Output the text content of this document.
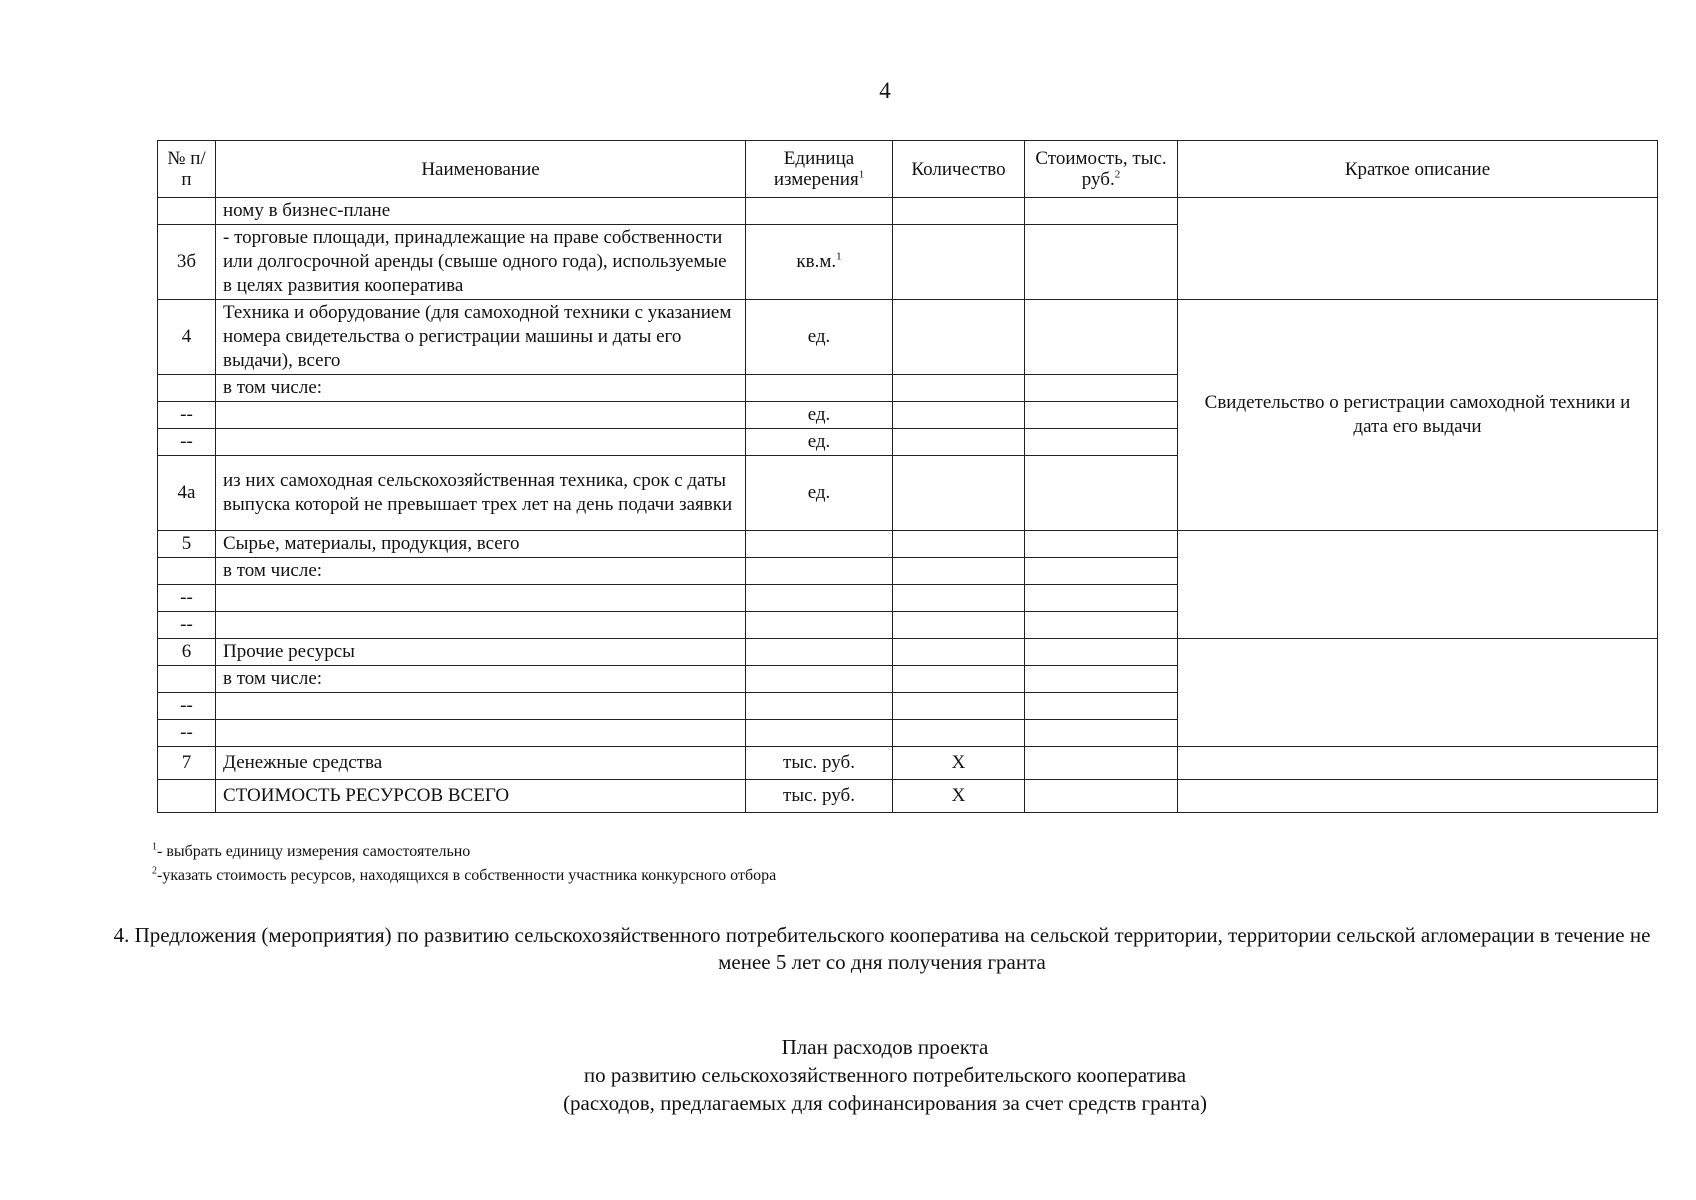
4
№ п/п	Наименование	Единица измерения$^1$	Количество	Стоимость, тыс. руб.$^2$	Краткое описание
	ному в бизнес-плане				
3б	- торговые площади, принадлежащие на праве собственности или долгосрочной аренды (свыше одного года), используемые в целях развития кооператива	кв.м.$^1$		
4	Техника и оборудование (для самоходной техники с указанием номера свидетельства о регистрации машины и даты его выдачи), всего	ед.			Свидетельство о регистрации самоходной техники и дата его выдачи
	в том числе:				
--		ед.			
--		ед.			
4а	из них самоходная сельскохозяйственная техника, срок с даты выпуска которой не превышает трех лет на день подачи заявки	ед.			
5	Сырье, материалы, продукция, всего				
	в том числе:				
--					
--					
6	Прочие ресурсы				
	в том числе:				
--					
--					
7	Денежные средства	тыс. руб.	Х		
	СТОИМОСТЬ РЕСУРСОВ ВСЕГО	тыс. руб.	Х		
$^1$- выбрать единицу измерения самостоятельно
$^2$-указать стоимость ресурсов, находящихся в собственности участника конкурсного отбора
4. Предложения (мероприятия) по развитию сельскохозяйственного потребительского кооператива на сельской территории, территории сельской агломерации в течение не менее 5 лет со дня получения гранта
План расходов проекта
по развитию сельскохозяйственного потребительского кооператива
(расходов, предлагаемых для софинансирования за счет средств гранта)
